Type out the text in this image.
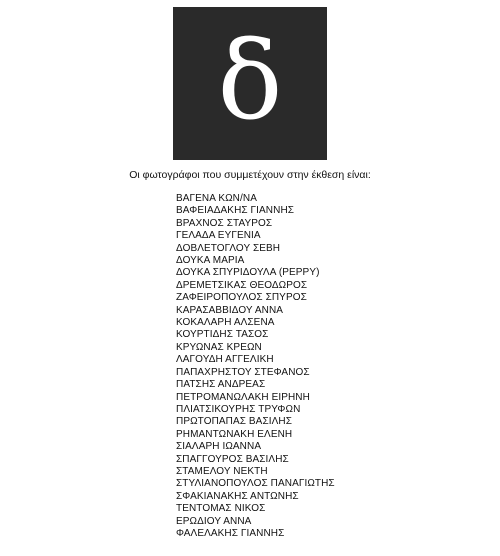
δ
Οι φωτογράφοι που συμμετέχουν στην έκθεση είναι:
ΒΑΓΕΝΑ ΚΩΝ/ΝΑ
ΒΑΦΕΙΑΔΑΚΗΣ ΓΙΑΝΝΗΣ
ΒΡΑΧΝΟΣ ΣΤΑΥΡΟΣ
ΓΕΛΑΔΑ ΕΥΓΕΝΙΑ
ΔΟΒΛΕΤΟΓΛΟΥ ΣΕΒΗ
ΔΟΥΚΑ ΜΑΡΙΑ
ΔΟΥΚΑ ΣΠΥΡΙΔΟΥΛΑ (PEPPY)
ΔΡΕΜΕΤΣΙΚΑΣ ΘΕΟΔΩΡΟΣ
ΖΑΦΕΙΡΟΠΟΥΛΟΣ ΣΠΥΡΟΣ
ΚΑΡΑΣΑΒΒΙΔΟΥ ΑΝΝΑ
ΚΟΚΑΛΑΡΗ ΑΛΣΕΝΑ
ΚΟΥΡΤΙΔΗΣ ΤΑΣΟΣ
ΚΡΥΩΝΑΣ ΚΡΕΩΝ
ΛΑΓΟΥΔΗ ΑΓΓΕΛΙΚΗ
ΠΑΠΑΧΡΗΣΤΟΥ ΣΤΕΦΑΝΟΣ
ΠΑΤΣΗΣ ΑΝΔΡΕΑΣ
ΠΕΤΡΟΜΑΝΩΛΑΚΗ ΕΙΡΗΝΗ
ΠΛΙΑΤΣΙΚΟΥΡΗΣ ΤΡΥΦΩΝ
ΠΡΩΤΟΠΑΠΑΣ ΒΑΣΙΛΗΣ
ΡΗΜΑΝΤΩΝΑΚΗ ΕΛΕΝΗ
ΣΙΑΛΑΡΗ ΙΩΑΝΝΑ
ΣΠΑΓΓΟΥΡΟΣ ΒΑΣΙΛΗΣ
ΣΤΑΜΕΛΟΥ ΝΕΚΤΗ
ΣΤΥΛΙΑΝΟΠΟΥΛΟΣ ΠΑΝΑΓΙΩΤΗΣ
ΣΦΑΚΙΑΝΑΚΗΣ ΑΝΤΩΝΗΣ
ΤΕΝΤΟΜΑΣ ΝΙΚΟΣ
ΕΡΩΔΙΟΥ ΑΝΝΑ
ΦΑΛΕΛΑΚΗΣ ΓΙΑΝΝΗΣ
